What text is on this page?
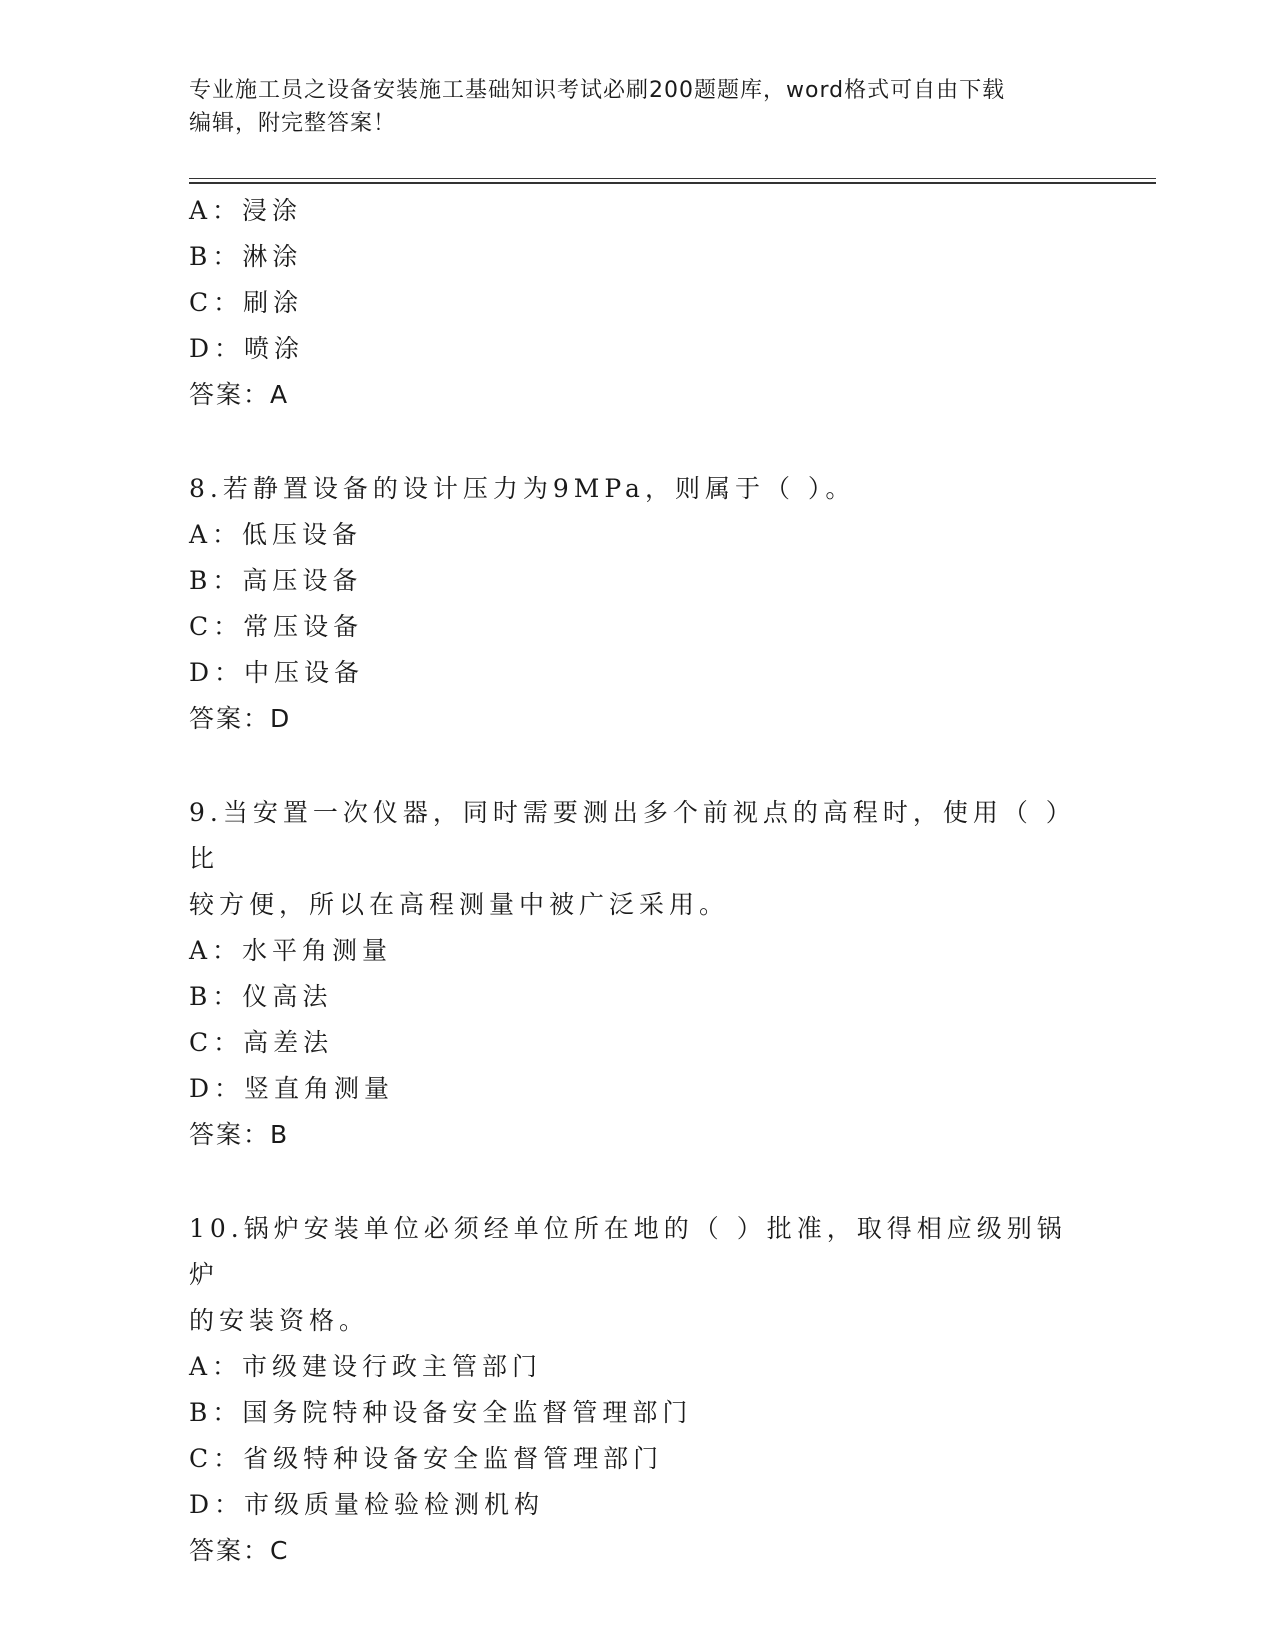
专业施工员之设备安装施工基础知识考试必刷200题题库，word格式可自由下载
编辑，附完整答案！
A：浸涂
B：淋涂
C：刷涂
D：喷涂
答案：A
8.若静置设备的设计压力为9MPa，则属于（ ）。
A：低压设备
B：高压设备
C：常压设备
D：中压设备
答案：D
9.当安置一次仪器，同时需要测出多个前视点的高程时，使用（ ）比
较方便，所以在高程测量中被广泛采用。
A：水平角测量
B：仪高法
C：高差法
D：竖直角测量
答案：B
10.锅炉安装单位必须经单位所在地的（ ）批准，取得相应级别锅炉
的安装资格。
A：市级建设行政主管部门
B：国务院特种设备安全监督管理部门
C：省级特种设备安全监督管理部门
D：市级质量检验检测机构
答案：C
